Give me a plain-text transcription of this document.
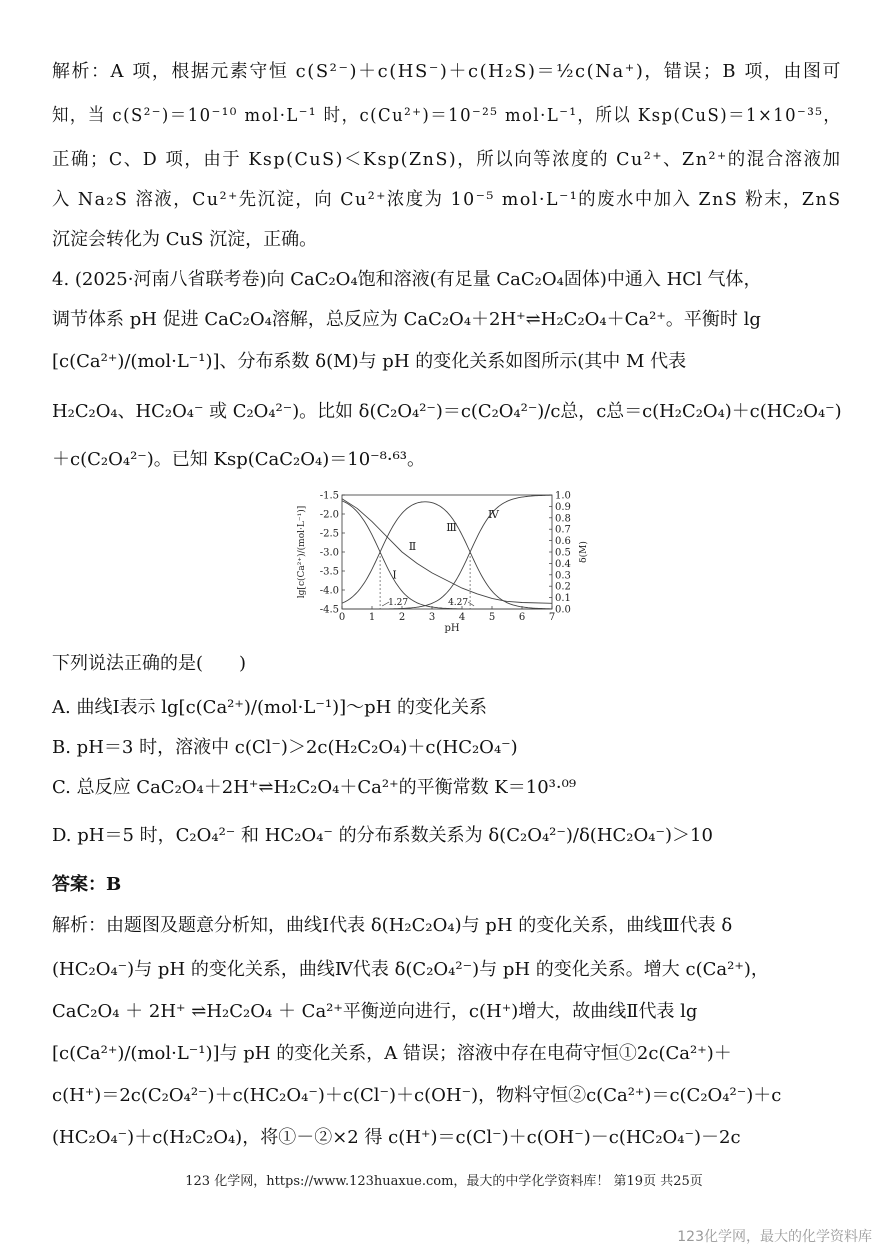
解析：A 项，根据元素守恒 c(S²⁻)＋c(HS⁻)＋c(H₂S)＝½c(Na⁺)，错误；B 项，由图可
知，当 c(S²⁻)＝10⁻¹⁰ mol·L⁻¹ 时，c(Cu²⁺)＝10⁻²⁵ mol·L⁻¹，所以 Ksp(CuS)＝1×10⁻³⁵，
正确；C、D 项，由于 Ksp(CuS)＜Ksp(ZnS)，所以向等浓度的 Cu²⁺、Zn²⁺的混合溶液加
入 Na₂S 溶液，Cu²⁺先沉淀，向 Cu²⁺浓度为 10⁻⁵ mol·L⁻¹的废水中加入 ZnS 粉末，ZnS
沉淀会转化为 CuS 沉淀，正确。
4. (2025·河南八省联考卷)向 CaC₂O₄饱和溶液(有足量 CaC₂O₄固体)中通入 HCl 气体，
调节体系 pH 促进 CaC₂O₄溶解，总反应为 CaC₂O₄＋2H⁺⇌H₂C₂O₄＋Ca²⁺。平衡时 lg
[c(Ca²⁺)/(mol·L⁻¹)]、分布系数 δ(M)与 pH 的变化关系如图所示(其中 M 代表
H₂C₂O₄、HC₂O₄⁻ 或 C₂O₄²⁻)。比如 δ(C₂O₄²⁻)＝c(C₂O₄²⁻)/c总，c总＝c(H₂C₂O₄)＋c(HC₂O₄⁻)
＋c(C₂O₄²⁻)。已知 Ksp(CaC₂O₄)＝10⁻⁸·⁶³。
0 1 2 3 4 5 6 7
pH
-1.5
-2.0
-2.5
-3.0
-3.5
-4.0
-4.5
1.0
0.9
0.8
0.7
0.6
0.5
0.4
0.3
0.2
0.1
0.0
lg[c(Ca²⁺)/(mol·L⁻¹)]	δ(M)
1.27	4.27
Ⅰ
Ⅱ
Ⅲ
Ⅳ
下列说法正确的是(　　)
A. 曲线Ⅰ表示 lg[c(Ca²⁺)/(mol·L⁻¹)]～pH 的变化关系
B. pH＝3 时，溶液中 c(Cl⁻)＞2c(H₂C₂O₄)＋c(HC₂O₄⁻)
C. 总反应 CaC₂O₄＋2H⁺⇌H₂C₂O₄＋Ca²⁺的平衡常数 K＝10³·⁰⁹
D. pH＝5 时，C₂O₄²⁻ 和 HC₂O₄⁻ 的分布系数关系为 δ(C₂O₄²⁻)/δ(HC₂O₄⁻)＞10
答案：B
解析：由题图及题意分析知，曲线Ⅰ代表 δ(H₂C₂O₄)与 pH 的变化关系，曲线Ⅲ代表 δ
(HC₂O₄⁻)与 pH 的变化关系，曲线Ⅳ代表 δ(C₂O₄²⁻)与 pH 的变化关系。增大 c(Ca²⁺)，
CaC₂O₄ ＋ 2H⁺ ⇌H₂C₂O₄ ＋ Ca²⁺平衡逆向进行，c(H⁺)增大，故曲线Ⅱ代表 lg
[c(Ca²⁺)/(mol·L⁻¹)]与 pH 的变化关系，A 错误；溶液中存在电荷守恒①2c(Ca²⁺)＋
c(H⁺)＝2c(C₂O₄²⁻)＋c(HC₂O₄⁻)＋c(Cl⁻)＋c(OH⁻)，物料守恒②c(Ca²⁺)＝c(C₂O₄²⁻)＋c
(HC₂O₄⁻)＋c(H₂C₂O₄)，将①－②×2 得 c(H⁺)＝c(Cl⁻)＋c(OH⁻)－c(HC₂O₄⁻)－2c
123 化学网，https://www.123huaxue.com，最大的中学化学资料库！ 第19页 共25页
123化学网，最大的化学资料库
